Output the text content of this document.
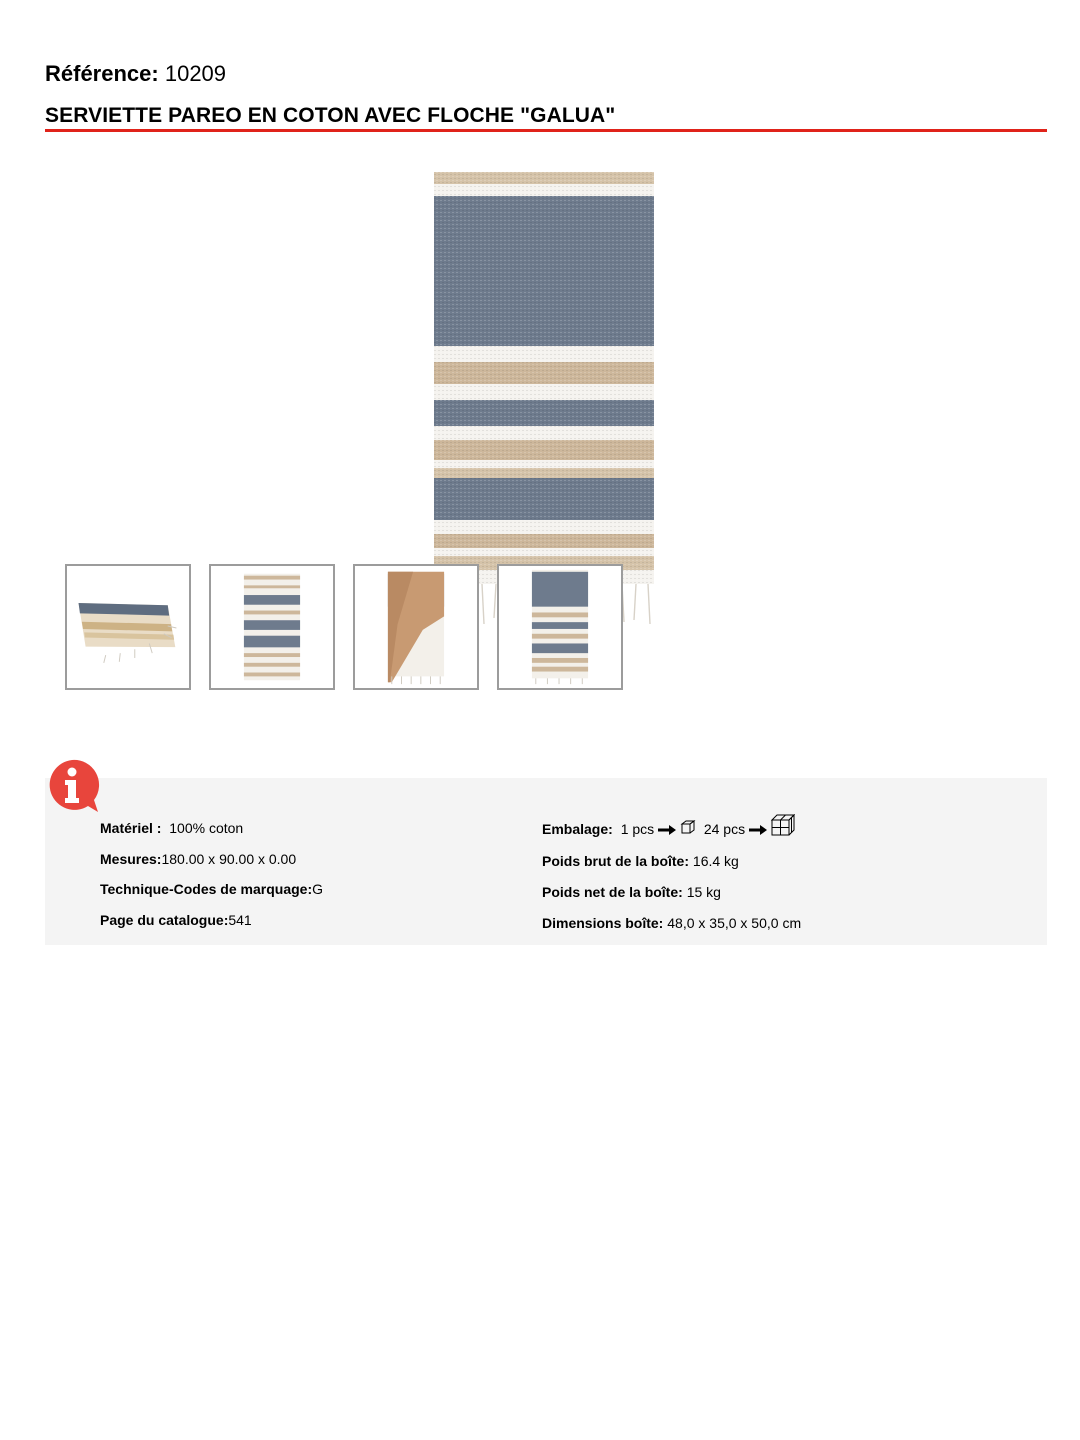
Référence: 10209
SERVIETTE PAREO EN COTON AVEC FLOCHE "GALUA"
Matériel :  100% coton
Mesures:180.00 x 90.00 x 0.00
Technique-Codes de marquage:G
Page du catalogue:541
Embalage: 1 pcs	24 pcs
Poids brut de la boîte: 16.4 kg
Poids net de la boîte: 15 kg
Dimensions boîte: 48,0 x 35,0 x 50,0 cm
